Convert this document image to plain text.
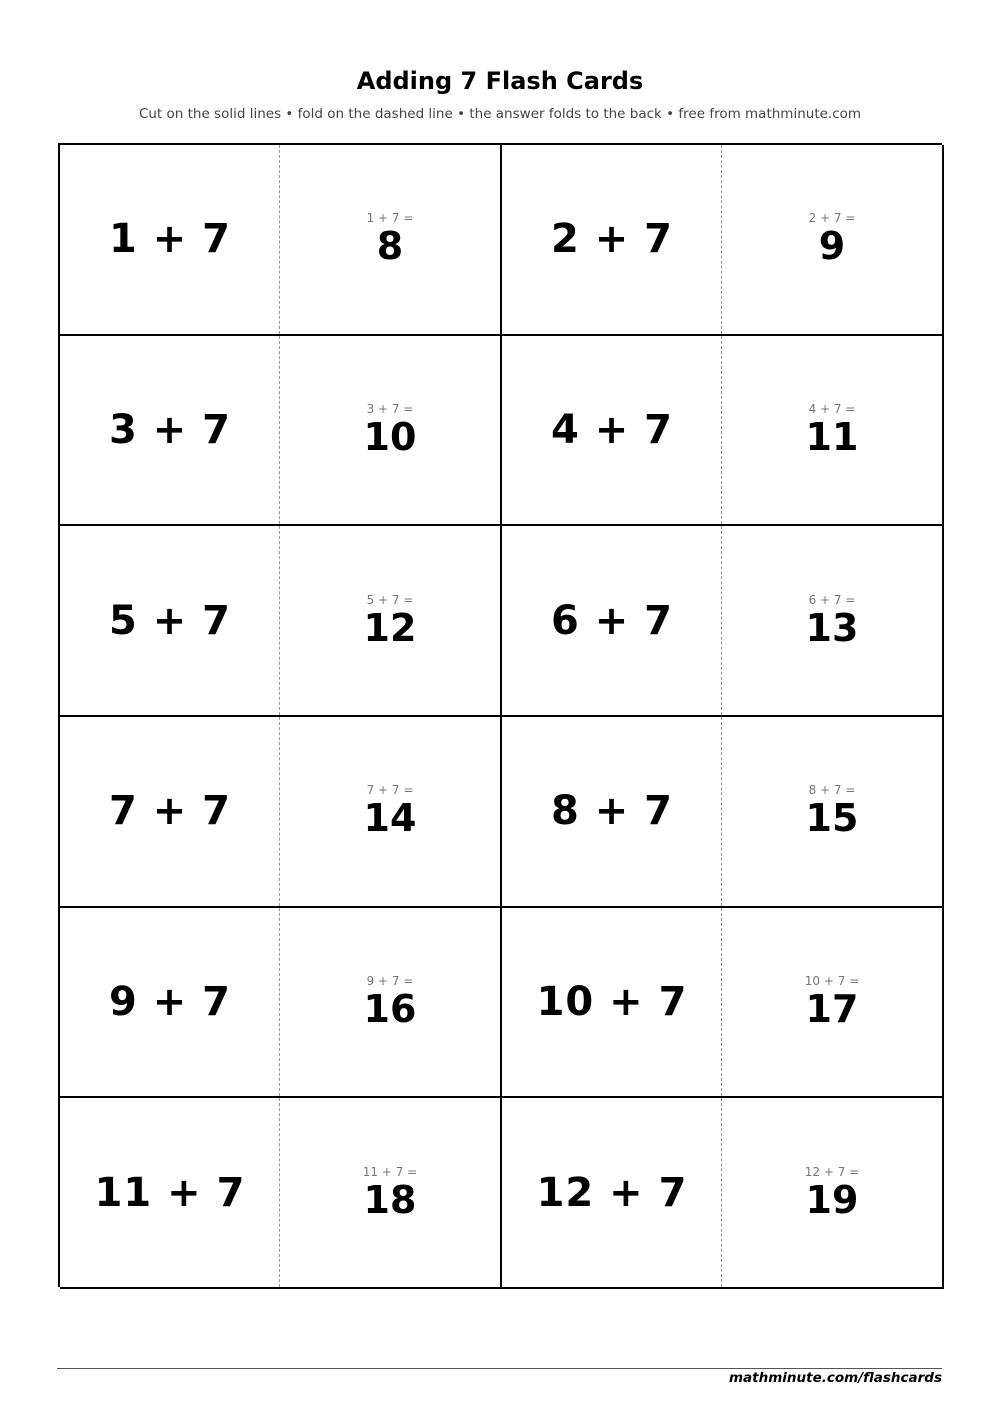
Adding 7 Flash Cards
Cut on the solid lines • fold on the dashed line • the answer folds to the back • free from mathminute.com
1 + 7	1 + 7 =
8	2 + 7	2 + 7 =
9
3 + 7	3 + 7 =
10	4 + 7	4 + 7 =
11
5 + 7	5 + 7 =
12	6 + 7	6 + 7 =
13
7 + 7	7 + 7 =
14	8 + 7	8 + 7 =
15
9 + 7	9 + 7 =
16	10 + 7	10 + 7 =
17
11 + 7	11 + 7 =
18	12 + 7	12 + 7 =
19
mathminute.com/flashcards
